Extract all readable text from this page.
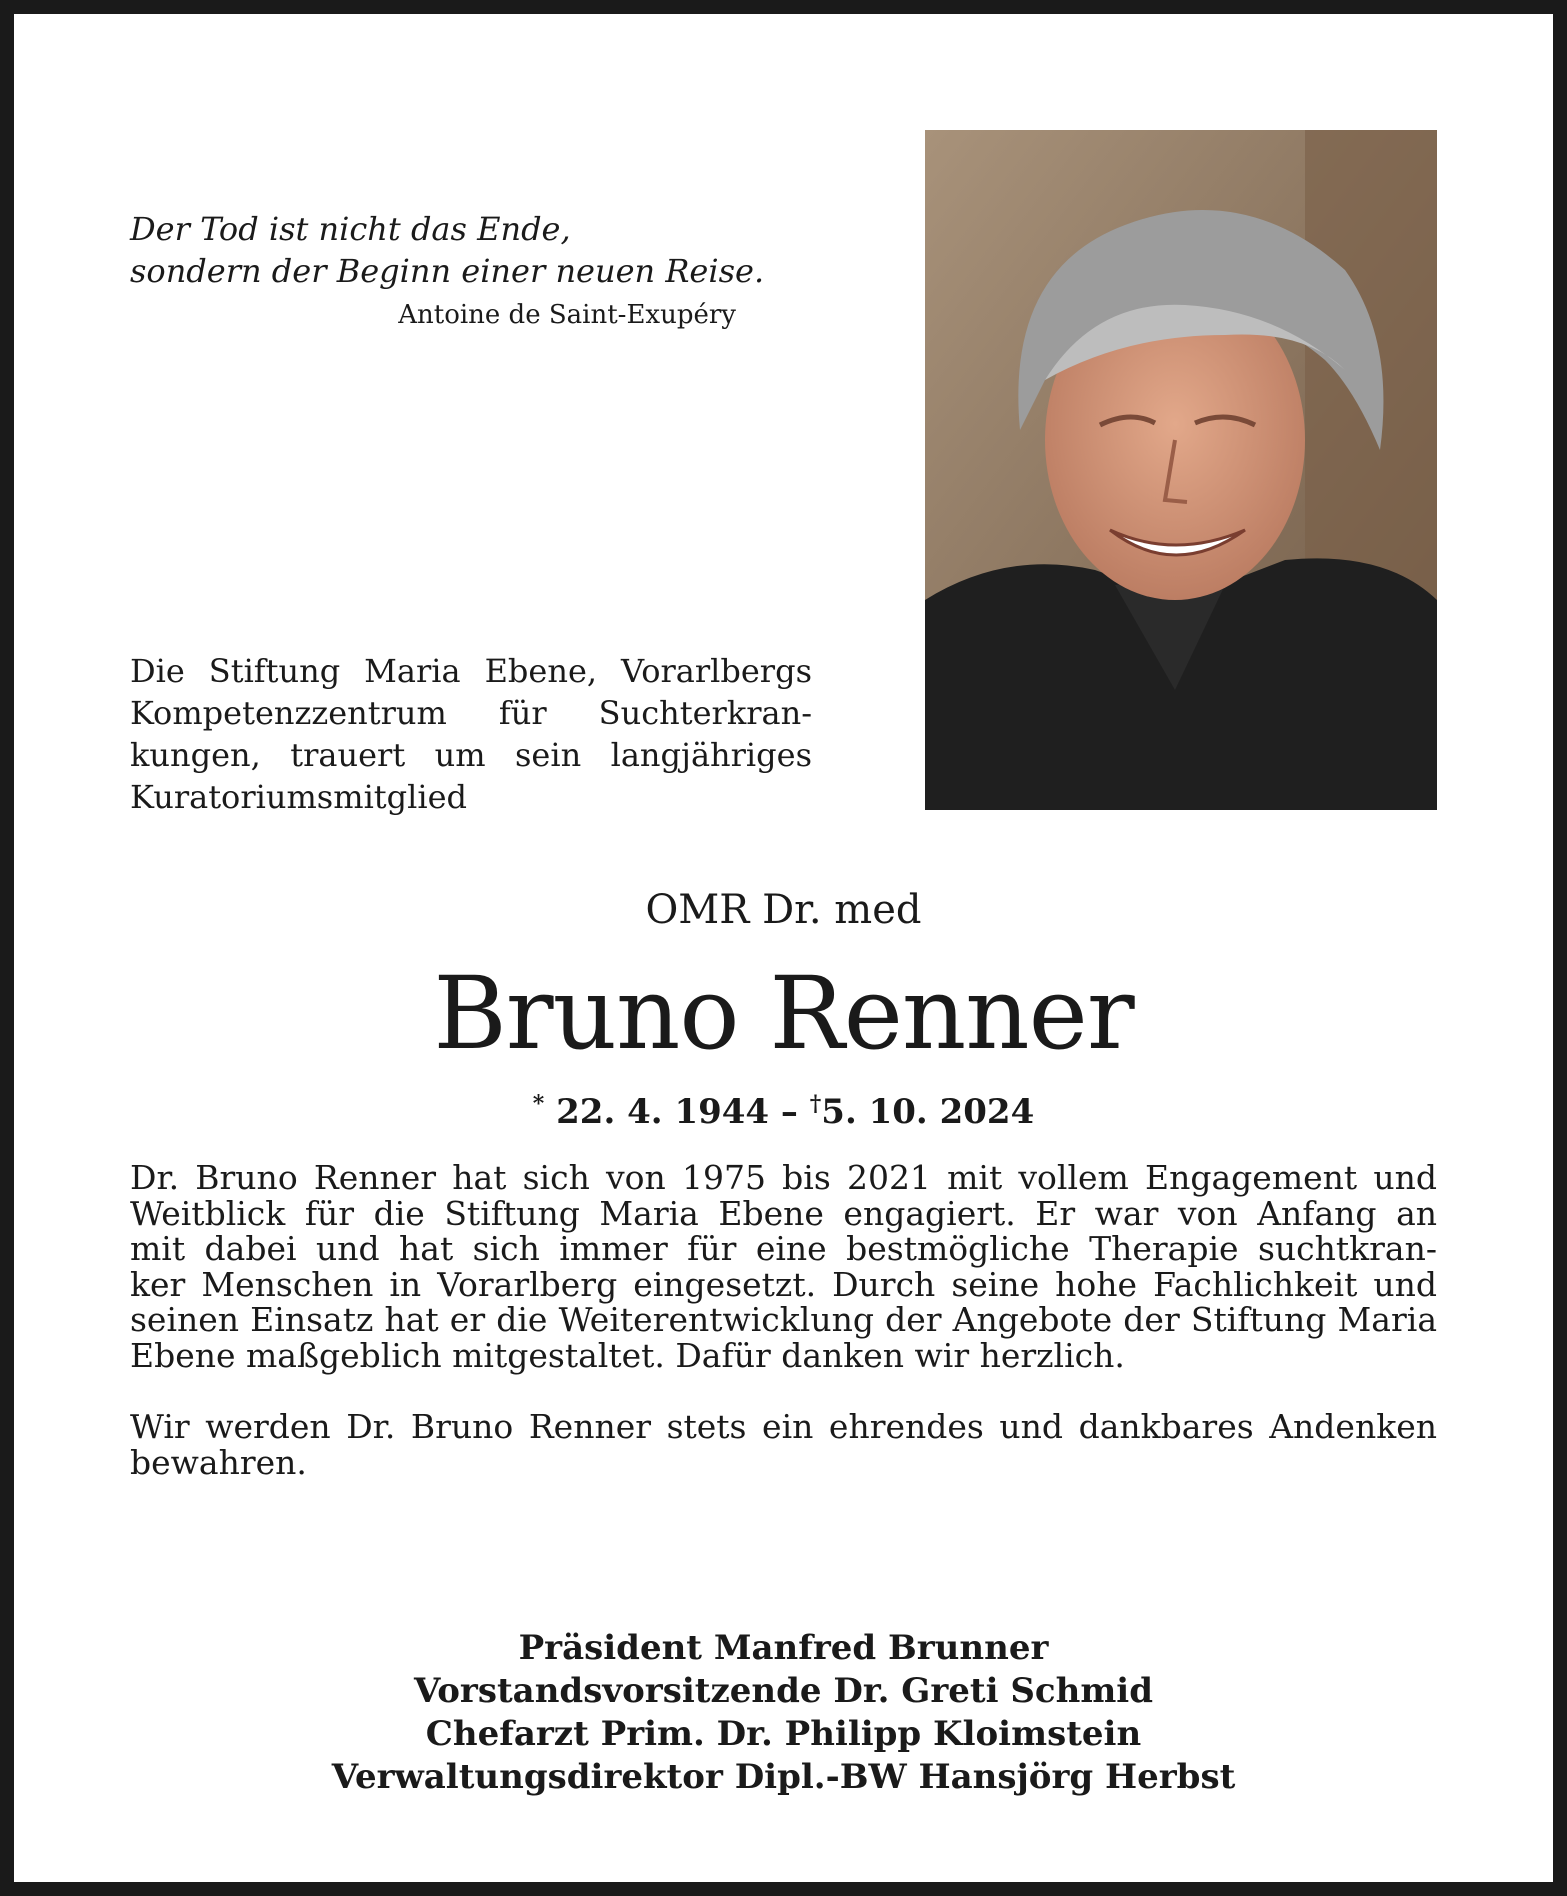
Der Tod ist nicht das Ende,
sondern der Beginn einer neuen Reise.
Antoine de Saint-Exupéry
Die Stiftung Maria Ebene, Vorarlbergs
Kompetenzzentrum für Suchterkran-
kungen, trauert um sein langjähriges
Kuratoriumsmitglied
OMR Dr. med
Bruno Renner
* 22. 4. 1944 – †5. 10. 2024

Dr. Bruno Renner hat sich von 1975 bis 2021 mit vollem Engagement und
Weitblick für die Stiftung Maria Ebene engagiert. Er war von Anfang an
mit dabei und hat sich immer für eine bestmögliche Therapie suchtkran-
ker Menschen in Vorarlberg eingesetzt. Durch seine hohe Fachlichkeit und
seinen Einsatz hat er die Weiterentwicklung der Angebote der Stiftung Maria
Ebene maßgeblich mitgestaltet. Dafür danken wir herzlich.

Wir werden Dr. Bruno Renner stets ein ehrendes und dankbares Andenken
bewahren.

Präsident Manfred Brunner
Vorstandsvorsitzende Dr. Greti Schmid
Chefarzt Prim. Dr. Philipp Kloimstein
Verwaltungsdirektor Dipl.-BW Hansjörg Herbst
